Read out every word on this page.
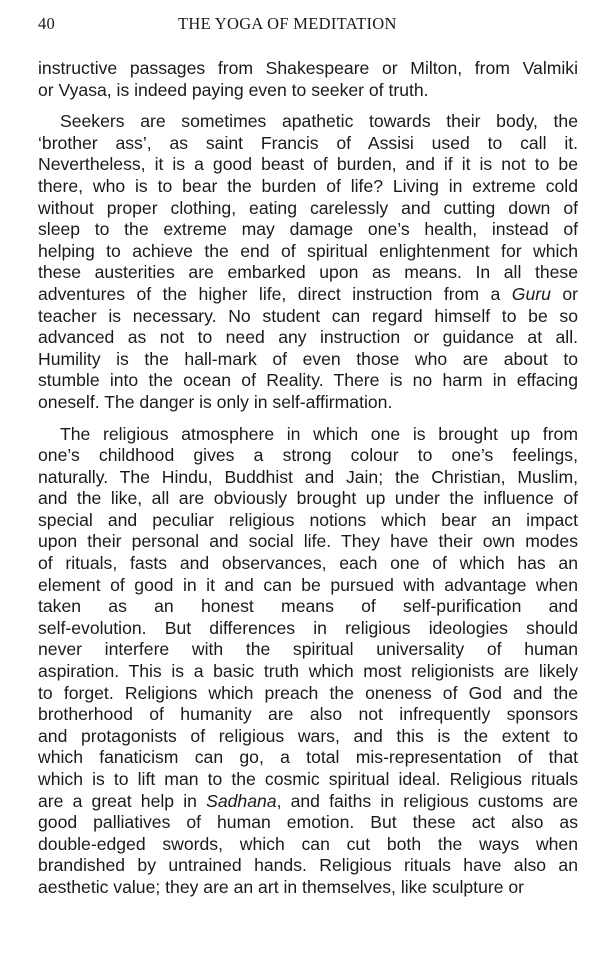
40	THE YOGA OF MEDITATION
instructive passages from Shakespeare or Milton, from Valmiki
or Vyasa, is indeed paying even to seeker of truth.
Seekers are sometimes apathetic towards their body, the
‘brother ass’, as saint Francis of Assisi used to call it.
Nevertheless, it is a good beast of burden, and if it is not to be
there, who is to bear the burden of life? Living in extreme cold
without proper clothing, eating carelessly and cutting down of
sleep to the extreme may damage one’s health, instead of
helping to achieve the end of spiritual enlightenment for which
these austerities are embarked upon as means. In all these
adventures of the higher life, direct instruction from a Guru or
teacher is necessary. No student can regard himself to be so
advanced as not to need any instruction or guidance at all.
Humility is the hall-mark of even those who are about to
stumble into the ocean of Reality. There is no harm in effacing
oneself. The danger is only in self-affirmation.
The religious atmosphere in which one is brought up from
one’s childhood gives a strong colour to one’s feelings,
naturally. The Hindu, Buddhist and Jain; the Christian, Muslim,
and the like, all are obviously brought up under the influence of
special and peculiar religious notions which bear an impact
upon their personal and social life. They have their own modes
of rituals, fasts and observances, each one of which has an
element of good in it and can be pursued with advantage when
taken as an honest means of self-purification and
self-evolution. But differences in religious ideologies should
never interfere with the spiritual universality of human
aspiration. This is a basic truth which most religionists are likely
to forget. Religions which preach the oneness of God and the
brotherhood of humanity are also not infrequently sponsors
and protagonists of religious wars, and this is the extent to
which fanaticism can go, a total mis-representation of that
which is to lift man to the cosmic spiritual ideal. Religious rituals
are a great help in Sadhana, and faiths in religious customs are
good palliatives of human emotion. But these act also as
double-edged swords, which can cut both the ways when
brandished by untrained hands. Religious rituals have also an
aesthetic value; they are an art in themselves, like sculpture or
